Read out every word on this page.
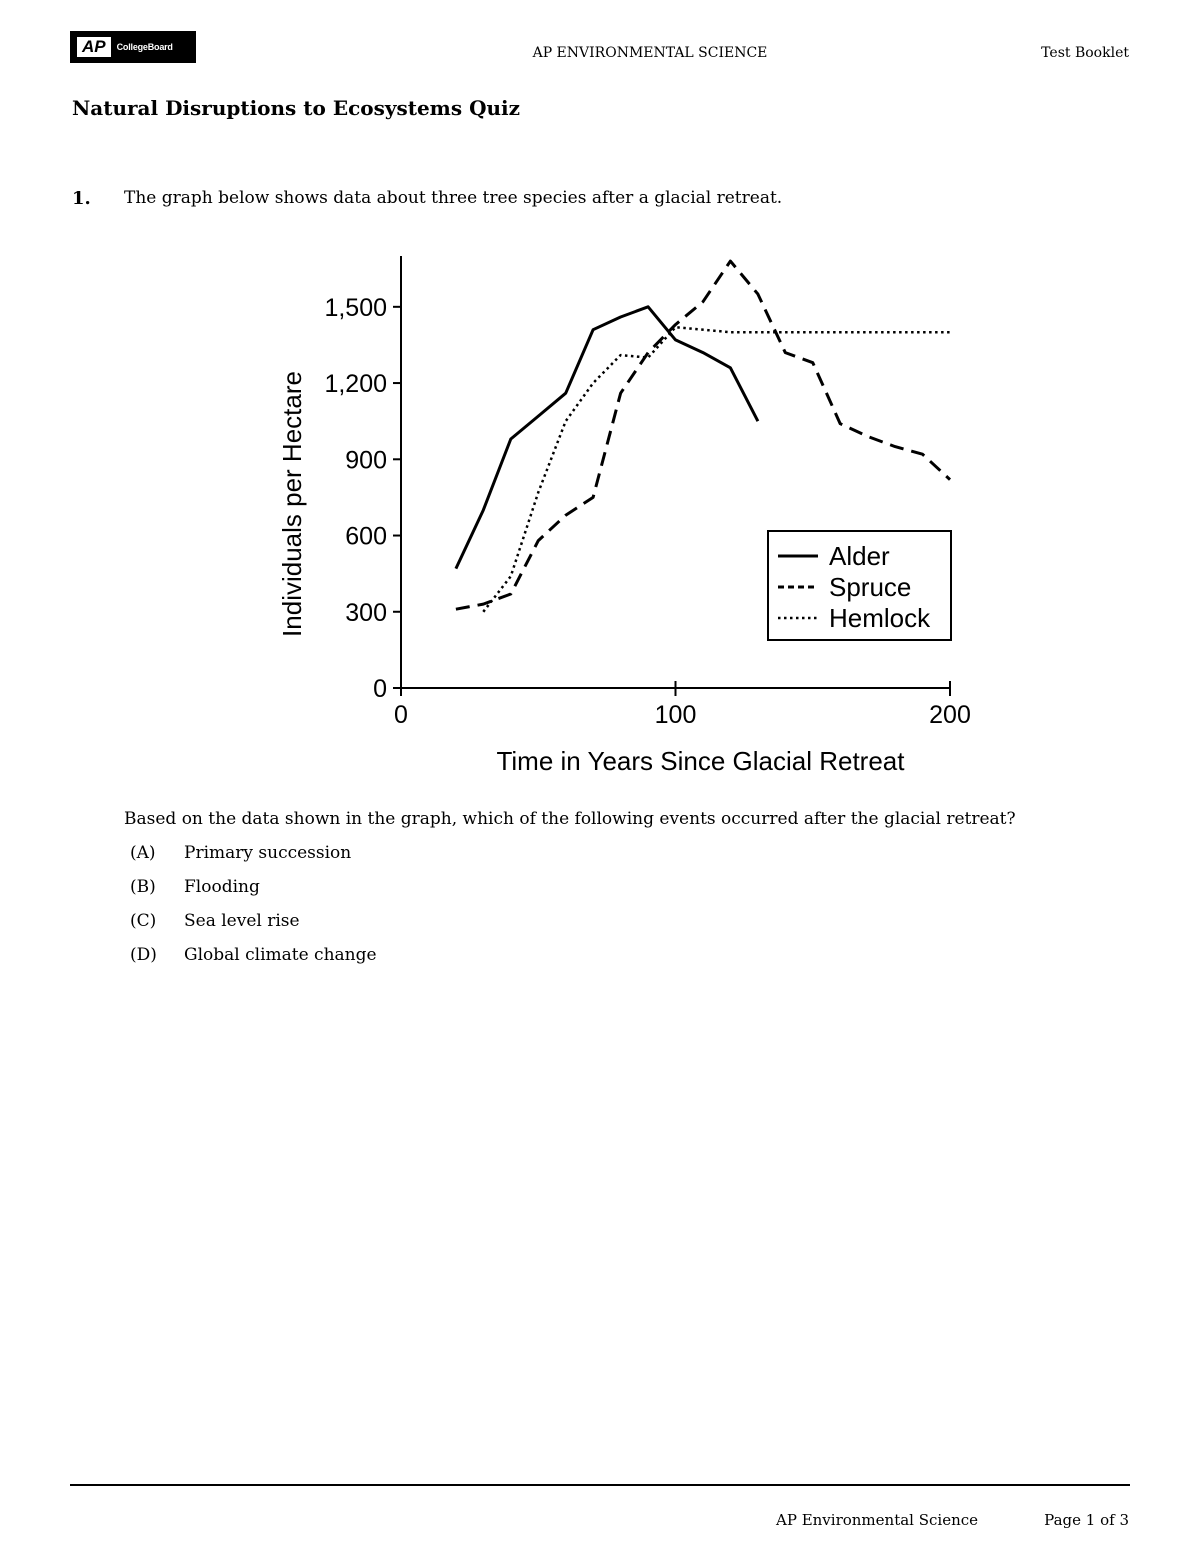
AP	CollegeBoard	AP ENVIRONMENTAL SCIENCE	Test Booklet
Natural Disruptions to Ecosystems Quiz
1. The graph below shows data about three tree species after a glacial retreat.
0
300
600
900
1,200
1,500
0	100	200
Time in Years Since Glacial Retreat
Individuals per Hectare	Alder
Spruce
Hemlock
Based on the data shown in the graph, which of the following events occurred after the glacial retreat?
(A) Primary succession
(B) Flooding
(C) Sea level rise
(D) Global climate change
AP Environmental Science	Page 1 of 3
